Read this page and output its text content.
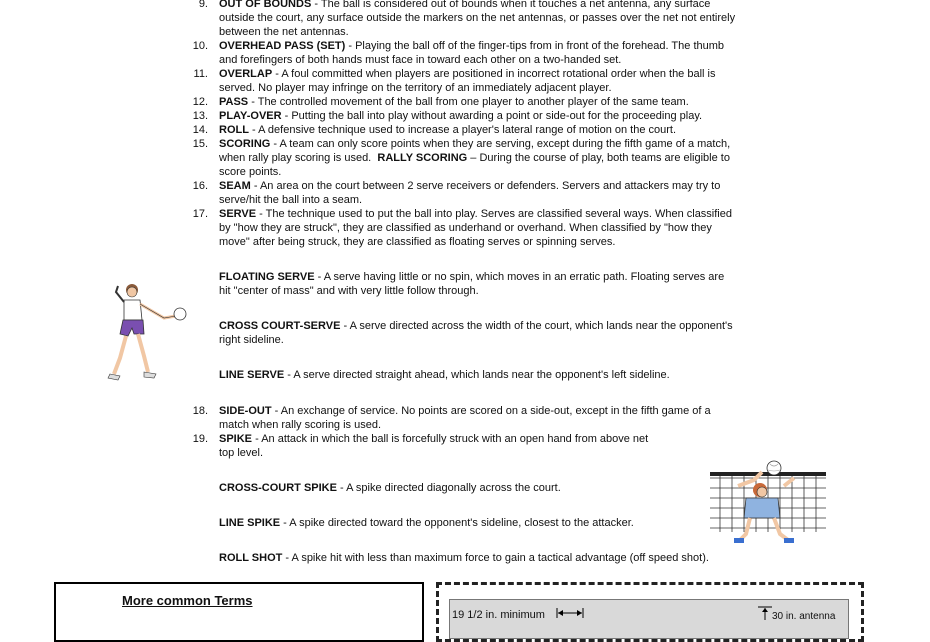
9. OUT OF BOUNDS - The ball is considered out of bounds when it touches a net antenna, any surface
outside the court, any surface outside the markers on the net antennas, or passes over the net not entirely
between the net antennas.
10. OVERHEAD PASS (SET) - Playing the ball off of the finger-tips from in front of the forehead. The thumb
and forefingers of both hands must face in toward each other on a two-handed set.
11. OVERLAP - A foul committed when players are positioned in incorrect rotational order when the ball is
served. No player may infringe on the territory of an immediately adjacent player.
12. PASS - The controlled movement of the ball from one player to another player of the same team.
13. PLAY-OVER - Putting the ball into play without awarding a point or side-out for the proceeding play.
14. ROLL - A defensive technique used to increase a player's lateral range of motion on the court.
15. SCORING - A team can only score points when they are serving, except during the fifth game of a match,
when rally play scoring is used. RALLY SCORING – During the course of play, both teams are eligible to
score points.
16. SEAM - An area on the court between 2 serve receivers or defenders. Servers and attackers may try to
serve/hit the ball into a seam.
17. SERVE - The technique used to put the ball into play. Serves are classified several ways. When classified
by "how they are struck", they are classified as underhand or overhand. When classified by "how they
move" after being struck, they are classified as floating serves or spinning serves.
FLOATING SERVE - A serve having little or no spin, which moves in an erratic path. Floating serves are
hit "center of mass" and with very little follow through.
CROSS COURT-SERVE - A serve directed across the width of the court, which lands near the opponent's
right sideline.
LINE SERVE - A serve directed straight ahead, which lands near the opponent's left sideline.
18. SIDE-OUT - An exchange of service. No points are scored on a side-out, except in the fifth game of a
match when rally scoring is used.
19. SPIKE - An attack in which the ball is forcefully struck with an open hand from above net
top level.
CROSS-COURT SPIKE - A spike directed diagonally across the court.
LINE SPIKE - A spike directed toward the opponent's sideline, closest to the attacker.
ROLL SHOT - A spike hit with less than maximum force to gain a tactical advantage (off speed shot).
More common Terms
19 1/2 in. minimum	30 in. antenna
